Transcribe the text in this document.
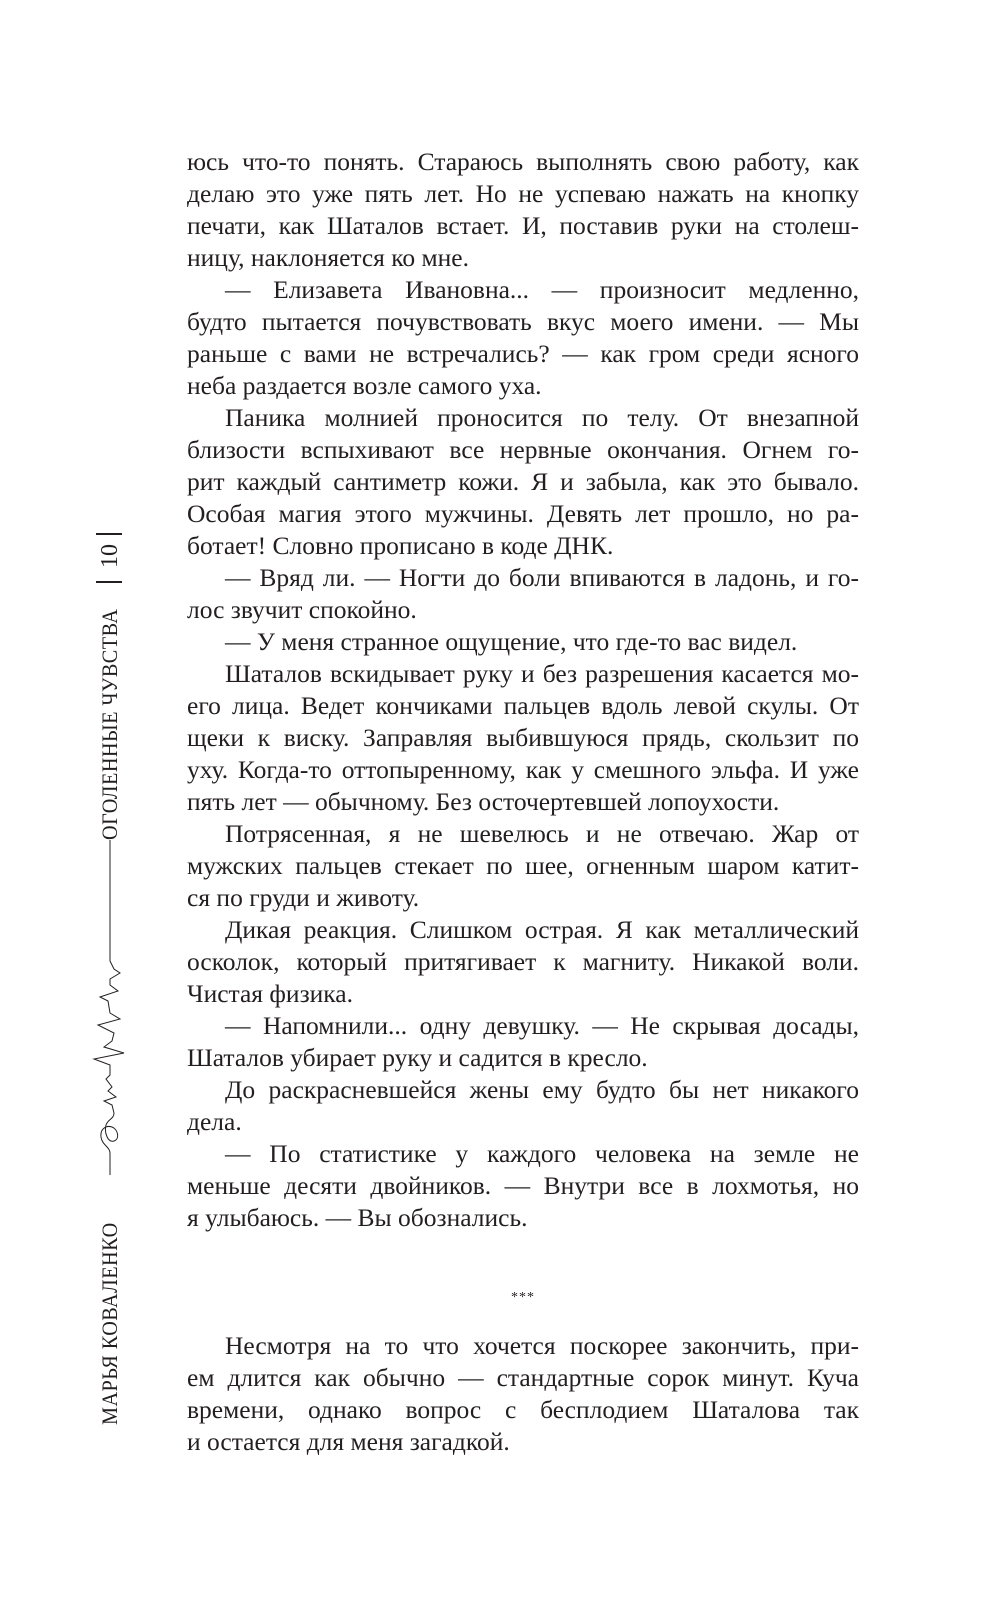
МАРЬЯ КОВАЛЕНКО
ОГОЛЕННЫЕ ЧУВСТВА
10
юсь что-то понять. Стараюсь выполнять свою работу, как
делаю это уже пять лет. Но не успеваю нажать на кнопку
печати, как Шаталов встает. И, поставив руки на столеш-
ницу, наклоняется ко мне.
— Елизавета Ивановна... — произносит медленно,
будто пытается почувствовать вкус моего имени. — Мы
раньше с вами не встречались? — как гром среди ясного
неба раздается возле самого уха.
Паника молнией проносится по телу. От внезапной
близости вспыхивают все нервные окончания. Огнем го-
рит каждый сантиметр кожи. Я и забыла, как это бывало.
Особая магия этого мужчины. Девять лет прошло, но ра-
ботает! Словно прописано в коде ДНК.
— Вряд ли. — Ногти до боли впиваются в ладонь, и го-
лос звучит спокойно.
— У меня странное ощущение, что где-то вас видел.
Шаталов вскидывает руку и без разрешения касается мо-
его лица. Ведет кончиками пальцев вдоль левой скулы. От
щеки к виску. Заправляя выбившуюся прядь, скользит по
уху. Когда-то оттопыренному, как у смешного эльфа. И уже
пять лет — обычному. Без осточертевшей лопоухости.
Потрясенная, я не шевелюсь и не отвечаю. Жар от
мужских пальцев стекает по шее, огненным шаром катит-
ся по груди и животу.
Дикая реакция. Слишком острая. Я как металлический
осколок, который притягивает к магниту. Никакой воли.
Чистая физика.
— Напомнили... одну девушку. — Не скрывая досады,
Шаталов убирает руку и садится в кресло.
До раскрасневшейся жены ему будто бы нет никакого
дела.
— По статистике у каждого человека на земле не
меньше десяти двойников. — Внутри все в лохмотья, но
я улыбаюсь. — Вы обознались.
***
Несмотря на то что хочется поскорее закончить, при-
ем длится как обычно — стандартные сорок минут. Куча
времени, однако вопрос с бесплодием Шаталова так
и остается для меня загадкой.
